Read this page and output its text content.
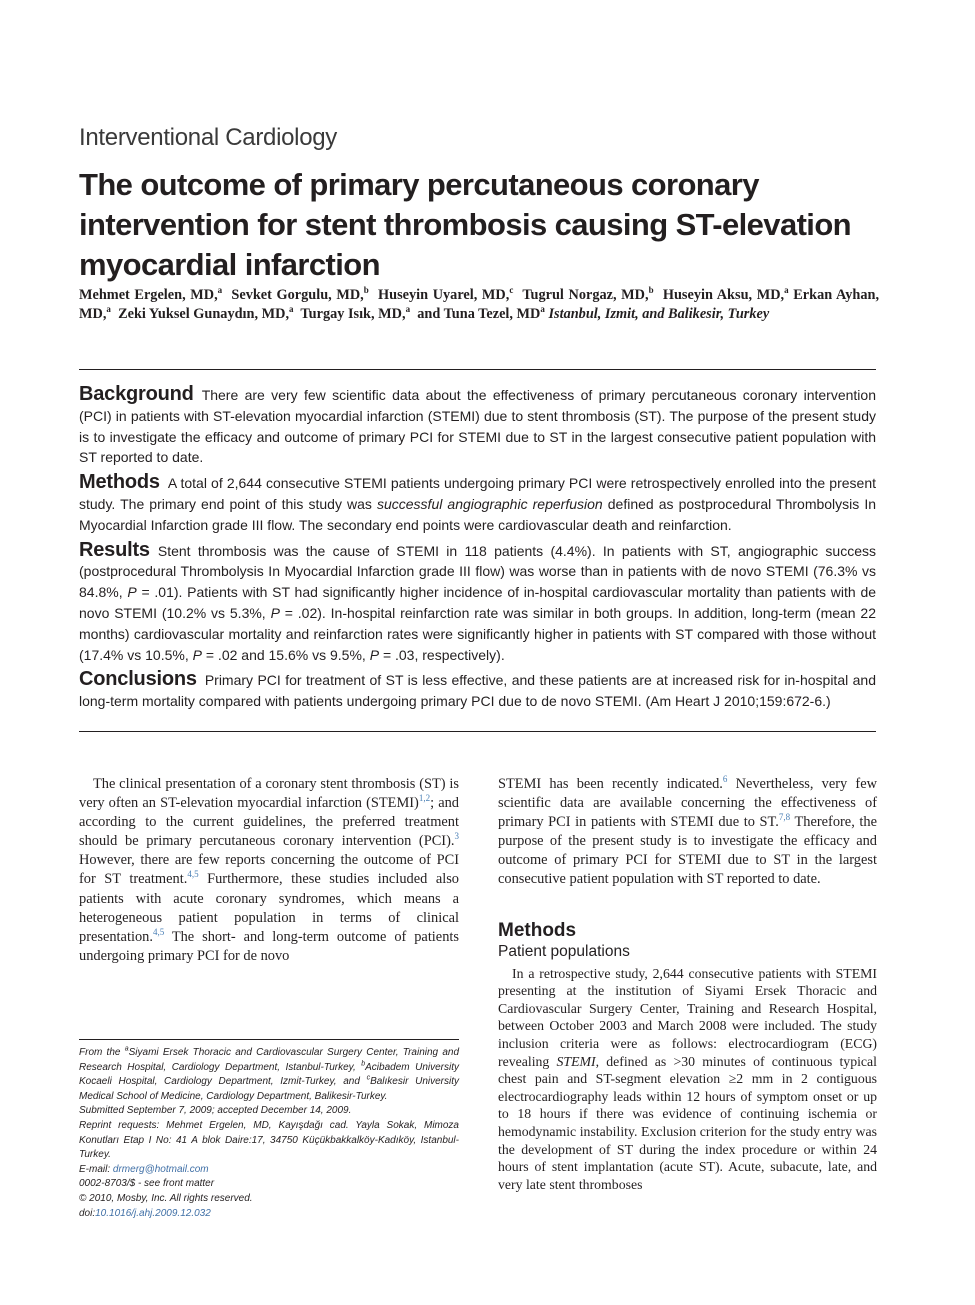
Interventional Cardiology
The outcome of primary percutaneous coronary intervention for stent thrombosis causing ST-elevation myocardial infarction
Mehmet Ergelen, MD,$^a$ Sevket Gorgulu, MD,$^b$ Huseyin Uyarel, MD,$^c$ Tugrul Norgaz, MD,$^b$ Huseyin Aksu, MD,$^a$ Erkan Ayhan, MD,$^a$ Zeki Yuksel Gunaydın, MD,$^a$ Turgay Isık, MD,$^a$ and Tuna Tezel, $MD^a$ Istanbul, Izmit, and Balikesir, Turkey

Background There are very few scientific data about the effectiveness of primary percutaneous coronary intervention (PCI) in patients with ST-elevation myocardial infarction (STEMI) due to stent thrombosis (ST). The purpose of the present study is to investigate the efficacy and outcome of primary PCI for STEMI due to ST in the largest consecutive patient population with ST reported to date.

Methods A total of 2,644 consecutive STEMI patients undergoing primary PCI were retrospectively enrolled into the present study. The primary end point of this study was successful angiographic reperfusion defined as postprocedural Thrombolysis In Myocardial Infarction grade III flow. The secondary end points were cardiovascular death and reinfarction.

Results Stent thrombosis was the cause of STEMI in 118 patients (4.4%). In patients with ST, angiographic success (postprocedural Thrombolysis In Myocardial Infarction grade III flow) was worse than in patients with de novo STEMI (76.3% vs 84.8%, P = .01). Patients with ST had significantly higher incidence of in-hospital cardiovascular mortality than patients with de novo STEMI (10.2% vs 5.3%, P = .02). In-hospital reinfarction rate was similar in both groups. In addition, long-term (mean 22 months) cardiovascular mortality and reinfarction rates were significantly higher in patients with ST compared with those without (17.4% vs 10.5%, P = .02 and 15.6% vs 9.5%, P = .03, respectively).

Conclusions Primary PCI for treatment of ST is less effective, and these patients are at increased risk for in-hospital and long-term mortality compared with patients undergoing primary PCI due to de novo STEMI. (Am Heart J 2010;159:672-6.)

The clinical presentation of a coronary stent thrombosis (ST) is very often an ST-elevation myocardial infarction (STEMI)$^{1,2}$; and according to the current guidelines, the preferred treatment should be primary percutaneous coronary intervention (PCI).$^3$ However, there are few reports concerning the outcome of PCI for ST treatment.$^{4,5}$ Furthermore, these studies included also patients with acute coronary syndromes, which means a heterogeneous patient population in terms of clinical presentation.$^{4,5}$ The short- and long-term outcome of patients undergoing primary PCI for de novo

STEMI has been recently indicated.$^6$ Nevertheless, very few scientific data are available concerning the effectiveness of primary PCI in patients with STEMI due to ST.$^{7,8}$ Therefore, the purpose of the present study is to investigate the efficacy and outcome of primary PCI for STEMI due to ST in the largest consecutive patient population with ST reported to date.

Methods
Patient populations

In a retrospective study, 2,644 consecutive patients with STEMI presenting at the institution of Siyami Ersek Thoracic and Cardiovascular Surgery Center, Training and Research Hospital, between October 2003 and March 2008 were included. The study inclusion criteria were as follows: electrocardiogram (ECG) revealing STEMI, defined as >30 minutes of continuous typical chest pain and ST-segment elevation ≥2 mm in 2 contiguous electrocardiography leads within 12 hours of symptom onset or up to 18 hours if there was evidence of continuing ischemia or hemodynamic instability. Exclusion criterion for the study entry was the development of ST during the index procedure or within 24 hours of stent implantation (acute ST). Acute, subacute, late, and very late stent thromboses

From the $^a$Siyami Ersek Thoracic and Cardiovascular Surgery Center, Training and Research Hospital, Cardiology Department, Istanbul-Turkey, $^b$Acibadem University Kocaeli Hospital, Cardiology Department, Izmit-Turkey, and $^c$Balıkesir University Medical School of Medicine, Cardiology Department, Balikesir-Turkey.
Submitted September 7, 2009; accepted December 14, 2009.
Reprint requests: Mehmet Ergelen, MD, Kayışdağı cad. Yayla Sokak, Mimoza Konutları Etap I No: 41 A blok Daire:17, 34750 Küçükbakkalköy-Kadıköy, Istanbul-Turkey.
E-mail: drmerg@hotmail.com
0002-8703/$ - see front matter
© 2010, Mosby, Inc. All rights reserved.
doi:10.1016/j.ahj.2009.12.032
